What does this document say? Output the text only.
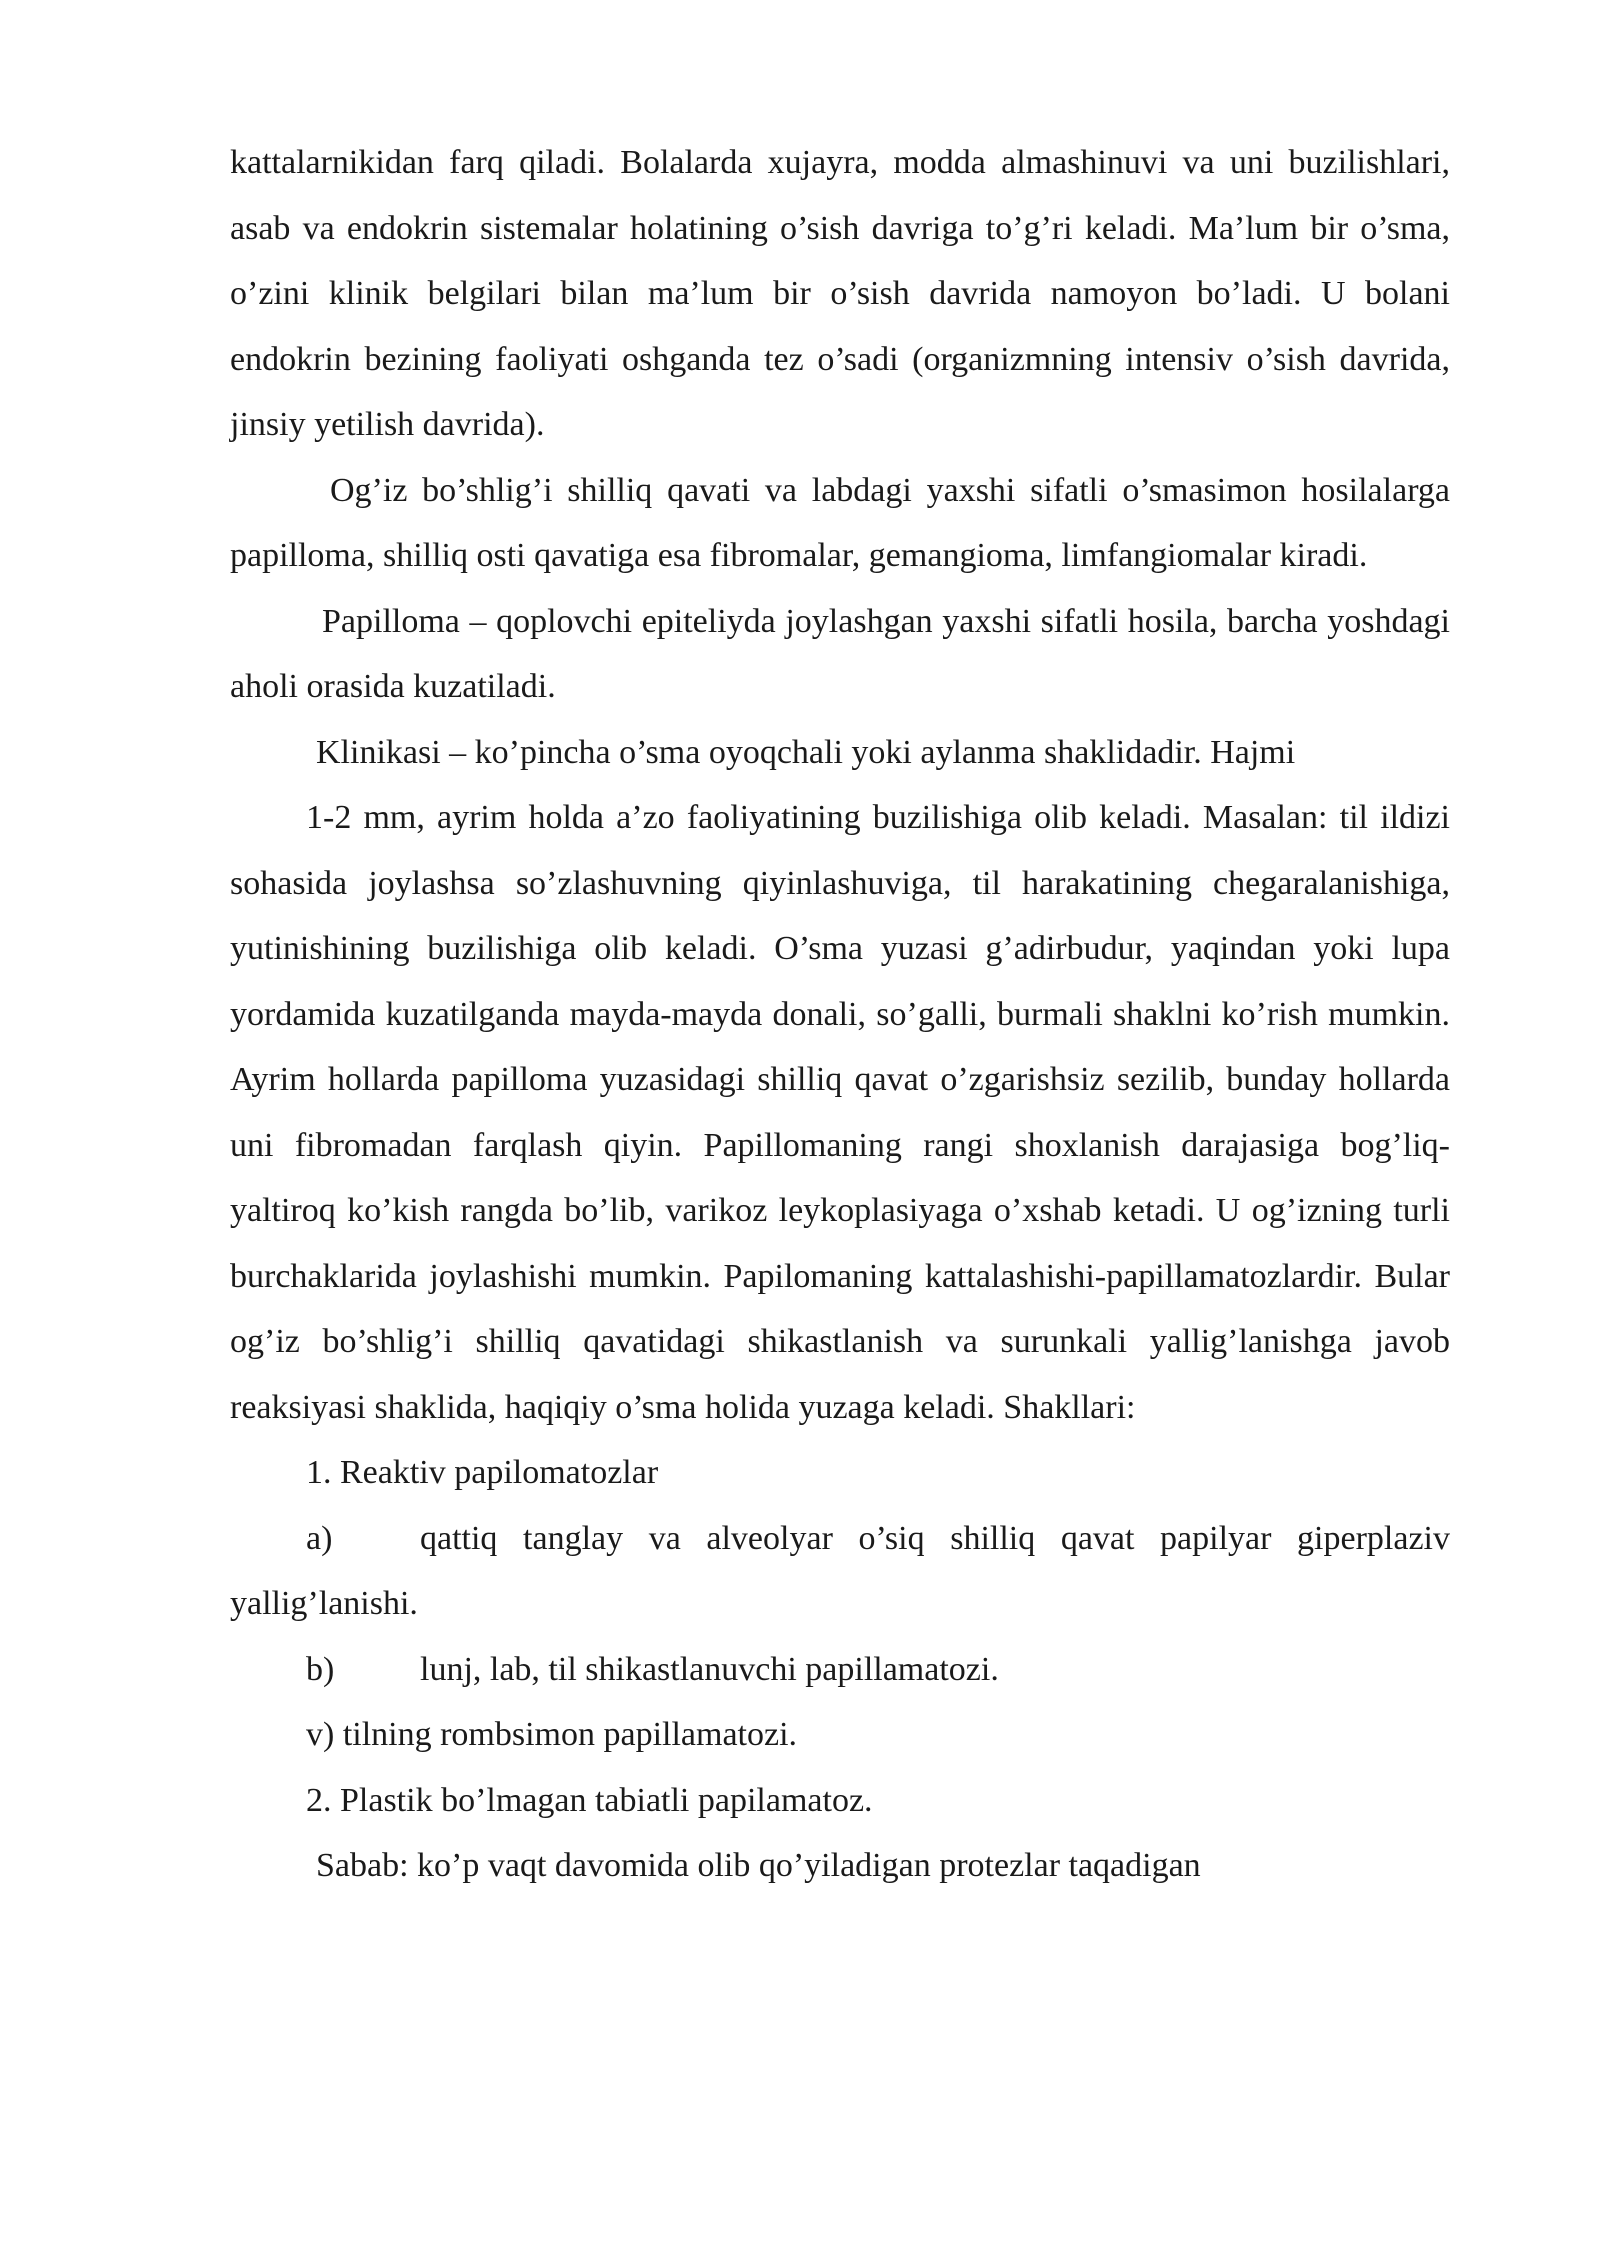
kattalarnikidan farq qiladi. Bolalarda xujayra, modda almashinuvi va uni buzilishlari, asab va endokrin sistemalar holatining o’sish davriga to’g’ri keladi. Ma’lum bir o’sma, o’zini klinik belgilari bilan ma’lum bir o’sish davrida namoyon bo’ladi. U bolani endokrin bezining faoliyati oshganda tez o’sadi (organizmning intensiv o’sish davrida, jinsiy yetilish davrida).

Og’iz bo’shlig’i shilliq qavati va labdagi yaxshi sifatli o’smasimon hosilalarga papilloma, shilliq osti qavatiga esa fibromalar, gemangioma, limfangiomalar kiradi.

Papilloma – qoplovchi epiteliyda joylashgan yaxshi sifatli hosila, barcha yoshdagi aholi orasida kuzatiladi.

Klinikasi – ko’pincha o’sma oyoqchali yoki aylanma shaklidadir. Hajmi

1-2 mm, ayrim holda a’zo faoliyatining buzilishiga olib keladi. Masalan: til ildizi sohasida joylashsa so’zlashuvning qiyinlashuviga, til harakatining chegaralanishiga, yutinishining buzilishiga olib keladi. O’sma yuzasi g’adirbudur, yaqindan yoki lupa yordamida kuzatilganda mayda-mayda donali, so’galli, burmali shaklni ko’rish mumkin. Ayrim hollarda papilloma yuzasidagi shilliq qavat o’zgarishsiz sezilib, bunday hollarda uni fibromadan farqlash qiyin. Papillomaning rangi shoxlanish darajasiga bog’liq-yaltiroq ko’kish rangda bo’lib, varikoz leykoplasiyaga o’xshab ketadi. U og’izning turli burchaklarida joylashishi mumkin. Papilomaning kattalashishi-papillamatozlardir. Bular og’iz bo’shlig’i shilliq qavatidagi shikastlanish va surunkali yallig’lanishga javob reaksiyasi shaklida, haqiqiy o’sma holida yuzaga keladi. Shakllari:

1. Reaktiv papilomatozlar

a)	qattiq tanglay va alveolyar o’siq shilliq qavat papilyar giperplaziv yallig’lanishi.

b)	lunj, lab, til shikastlanuvchi papillamatozi.

v) tilning rombsimon papillamatozi.

2. Plastik bo’lmagan tabiatli papilamatoz.

Sabab: ko’p vaqt davomida olib qo’yiladigan protezlar taqadigan
